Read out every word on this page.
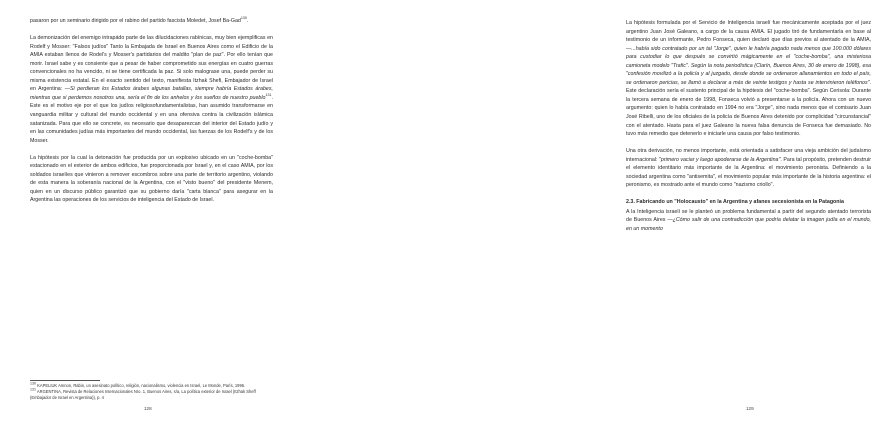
pasaron por un seminario dirigido por el rabino del partido fascista Moledet, Josef Ba-Gad$^{130}$.

La demonización del enemigo intrapádo parte de las dilucidaciones rabínicas, muy bien ejemplificas en Rodelf y Mosser: "Falsos judíos" Tanto la Embajada de Israel en Buenos Aires como el Edificio de la AMIA estaban llenos de Rodel's y Mosser's partidarios del maldito "plan de paz". Por ello tenían que morir. Israel sabe y es consiente que a pesar de haber comprometido sus energías en cuatro guerras convencionales no ha vencido, ni se tiene certificada la paz. Si solo malograse una, puede perder su misma existencia estatal. En el exacto sentido del texto, manifiesta Itzhak Shefi, Embajador de Israel en Argentina: —Si perdieran los Estados árabes algunas batallas, siempre habría Estados árabes, mientras que si perdemos nosotros una, sería el fin de los anhelos y los sueños de nuestro pueblo$^{131}$. Este es el motivo eje por el que los judíos religiosofundamentalistas, han asumido transformarse en vanguardia militar y cultural del mundo occidental y en una ofensiva contra la civilización islámica satanizada. Para que ello se concrete, es necesario que desaparezcan del interior del Estado judío y en las comunidades judías más importantes del mundo occidental, las fuerzas de los Rodelf's y de los Mosser.

La hipótesis por la cual la detonación fue producida por un explosivo ubicado en un "coche-bomba" estacionado en el exterior de ambos edificios, fue proporcionada por Israel y, en el caso AMIA, por los soldados israelíes que vinieron a remover escombros sobre una parte de territorio argentino, violando de esta manera la soberanía nacional de la Argentina, con el "visto bueno" del presidente Menem, quien en un discurso público garantizó que su gobierno daría "carta blanca" para asegurar en la Argentina las operaciones de los servicios de inteligencia del Estado de Israel.

$^{130}$ KAPELIUK Amnon, Rabin, un asesinato político, religión, nacionalismo, violencia en Israel, Le Monde, París, 1996.
$^{131}$ ARGENTINA, Revista de Relaciones Internacionales Nro. 1, Buenos Aires, s/a, La política exterior de Israel (Itzhak Sheff (Embajador de Israel en Argentina)), p. 4
128

La hipótesis formulada por el Servicio de Inteligencia israelí fue mecánicamente aceptada por el juez argentino Juan José Galeano, a cargo de la causa AMIA. El jugado tiró de fundamentarla en base al testimonio de un informante, Pedro Fonseca, quien declaró que días previos al atentado de la AMIA, —...había sido contratado por un tal "Jorge", quien le habría pagado nada menos que 100.000 dólares para custodiar lo que después se convirtió mágicamente en el "coche-bomba", una misteriosa camioneta modelo "Trafic". Según la nota periodística (Clarín, Buenos Aires, 30 de enero de 1998), esa "confesión movilizó a la policía y al juzgado, desde donde se ordenaron allanamientos en todo el país, se ordenaron pericias, se llamó a declarar a más de veinte testigos y hasta se intervinieron teléfonos". Este declaración sería el sustento principal de la hipótesis del "coche-bomba". Según Cerisola: Durante la tercera semana de enero de 1998, Fonseca volvió a presentarse a la policía. Ahora con un nuevo argumento: quien lo había contratado en 1994 no era "Jorge", sino nada menos que el comisario Juan José Ribelli, uno de los oficiales de la policía de Buenos Aires detenido por complicidad "circunstancial" con el atentado. Hasta para el juez Galeano la nueva falsa denuncia de Fonseca fue demasiado. No tuvo más remedio que detenerlo e iniciarle una causa por falso testimonio.

Una otra derivación, no menos importante, está orientada a satisfacer una vieja ambición del judaísmo internacional: "primero vaciar y luego apoderarse de la Argentina". Para tal propósito, pretenden destruir el elemento identitario más importante de la Argentina: el movimiento peronista. Definiendo a la sociedad argentina como "antisemita", el movimiento popular más importante de la historia argentina: el peronismo, es mostrado ante el mundo como "nazismo criollo".

2.3. Fabricando un "Holocausto" en la Argentina y afanes secesionista en la Patagonia

A la Inteligencia israelí se le planteó un problema fundamental a partir del segundo atentado terrorista de Buenos Aires —¿Cómo salir de una contradicción que podría delatar la imagen judía en el mundo, en un momento

129
